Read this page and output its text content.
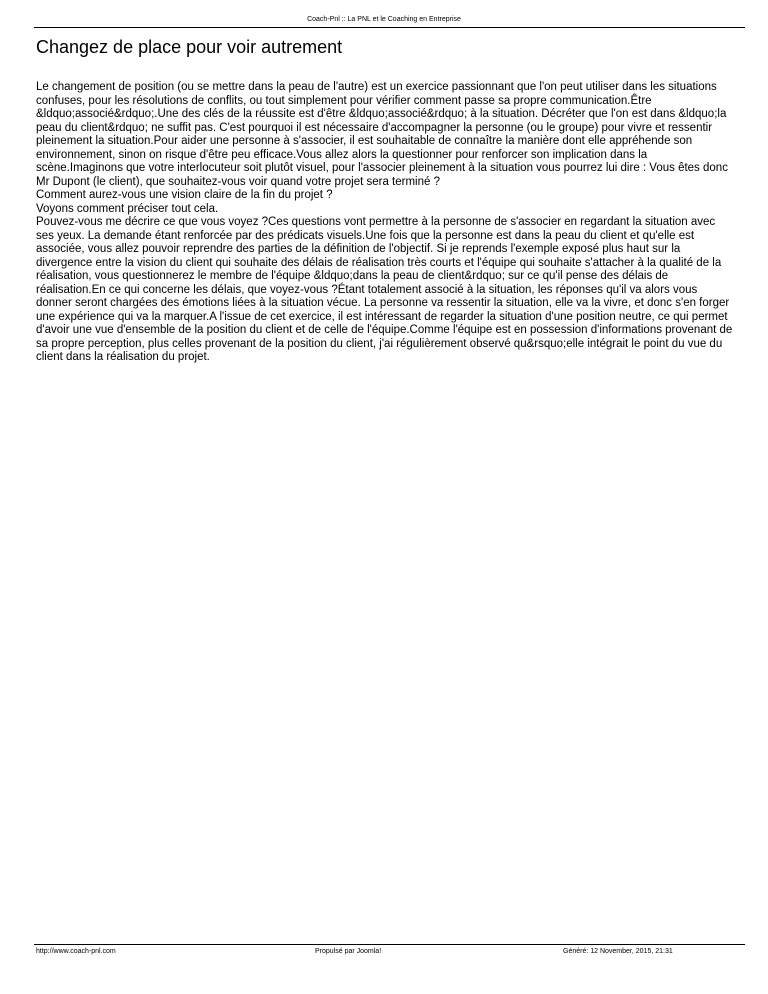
Coach-Pnl :: La PNL et le Coaching en Entreprise
Changez de place pour voir autrement

Le changement de position (ou se mettre dans la peau de l'autre) est un exercice passionnant que l'on peut utiliser dans les situations confuses, pour les résolutions de conflits, ou tout simplement pour vérifier comment passe sa propre communication.Être &ldquo;associé&rdquo;.Une des clés de la réussite est d'être &ldquo;associé&rdquo; à la situation. Décréter que l'on est dans &ldquo;la peau du client&rdquo; ne suffit pas. C'est pourquoi il est nécessaire d'accompagner la personne (ou le groupe) pour vivre et ressentir pleinement la situation.Pour aider une personne à s'associer, il est souhaitable de connaître la manière dont elle appréhende son environnement, sinon on risque d'être peu efficace.Vous allez alors la questionner pour renforcer son implication dans la scène.Imaginons que votre interlocuteur soit plutôt visuel, pour l'associer pleinement à la situation vous pourrez lui dire : Vous êtes donc Mr Dupont (le client), que souhaitez-vous voir quand votre projet sera terminé ?

Comment aurez-vous une vision claire de la fin du projet ?

Voyons comment préciser tout cela.

Pouvez-vous me décrire ce que vous voyez ?Ces questions vont permettre à la personne de s'associer en regardant la situation avec ses yeux. La demande étant renforcée par des prédicats visuels.Une fois que la personne est dans la peau du client et qu'elle est associée, vous allez pouvoir reprendre des parties de la définition de l'objectif. Si je reprends l'exemple exposé plus haut sur la divergence entre la vision du client qui souhaite des délais de réalisation très courts et l'équipe qui souhaite s'attacher à la qualité de la réalisation, vous questionnerez le membre de l'équipe &ldquo;dans la peau de client&rdquo; sur ce qu'il pense des délais de réalisation.En ce qui concerne les délais, que voyez-vous ?Étant totalement associé à la situation, les réponses qu'il va alors vous donner seront chargées des émotions liées à la situation vécue. La personne va ressentir la situation, elle va la vivre, et donc s'en forger une expérience qui va la marquer.A l'issue de cet exercice, il est intéressant de regarder la situation d'une position neutre, ce qui permet d'avoir une vue d'ensemble de la position du client et de celle de l'équipe.Comme l'équipe est en possession d'informations provenant de sa propre perception, plus celles provenant de la position du client, j'ai régulièrement observé qu&rsquo;elle intégrait le point du vue du client dans la réalisation du projet.

http://www.coach-pnl.com	Propulsé par Joomla!	Généré: 12 November, 2015, 21:31
